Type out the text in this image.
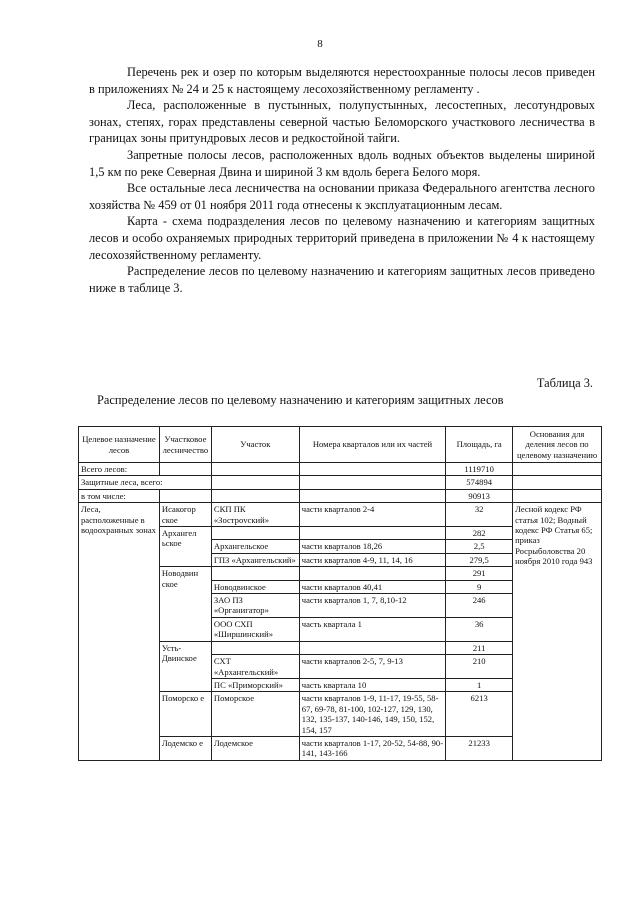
8

Перечень рек и озер по которым выделяются нерестоохранные полосы лесов приведен в приложениях № 24 и 25 к настоящему лесохозяйственному регламенту .

Леса, расположенные в пустынных, полупустынных, лесостепных, лесотундровых зонах, степях, горах представлены северной частью Беломорского участкового лесничества в границах зоны притундровых лесов и редкостойной тайги.

Запретные полосы лесов, расположенных вдоль водных объектов выделены шириной 1,5 км по реке Северная Двина и шириной 3 км вдоль берега Белого моря.

Все остальные леса лесничества на основании приказа Федерального агентства лесного хозяйства № 459 от 01 ноября 2011 года отнесены к эксплуатационным лесам.

Карта - схема подразделения лесов по целевому назначению и категориям защитных лесов и особо охраняемых природных территорий приведена в приложении № 4 к настоящему лесохозяйственному регламенту.

Распределение лесов по целевому назначению и категориям защитных лесов приведено ниже в таблице 3.

Таблица 3.
Распределение лесов по целевому назначению и категориям защитных лесов
Целевое назначение лесов	Участковое лесничество	Участок	Номера кварталов или их частей	Площадь, га	Основания для деления лесов по целевому назначению
Всего лесов:				1119710	
Защитные леса, всего:				574894	
в том числе:				90913	
Леса, расположенные в водоохранных зонах	Исакогор ское	СКП ПК «Зострovский»	части кварталов 2-4	32	Лесной кодекс РФ статья 102; Водный кодекс РФ Статья 65; приказ Росрыболовства 20 ноября 2010 года 943
	Архангел ьское			282	
		Архангельское	части кварталов 18,26	2,5	
		ГПЗ «Архангельский»	части кварталов 4-9, 11, 14, 16	279,5	
	Новодвин ское			291	
		Новодвинское	части кварталов 40,41	9	
		ЗАО ПЗ «Органигатор»	части кварталов 1, 7, 8,10-12	246	
		ООО СХП «Ширшинский»	часть квартала 1	36	
	Усть-Двинское			211	
		СХТ «Архангельский»	части кварталов 2-5, 7, 9-13	210	
		ПС «Приморский»	часть квартала 10	1	
	Поморско е	Поморское	части кварталов 1-9, 11-17, 19-55, 58-67, 69-78, 81-100, 102-127, 129, 130, 132, 135-137, 140-146, 149, 150, 152, 154, 157	6213	
	Лодемско е	Лодемское	части кварталов 1-17, 20-52, 54-88, 90-141, 143-166	21233	
